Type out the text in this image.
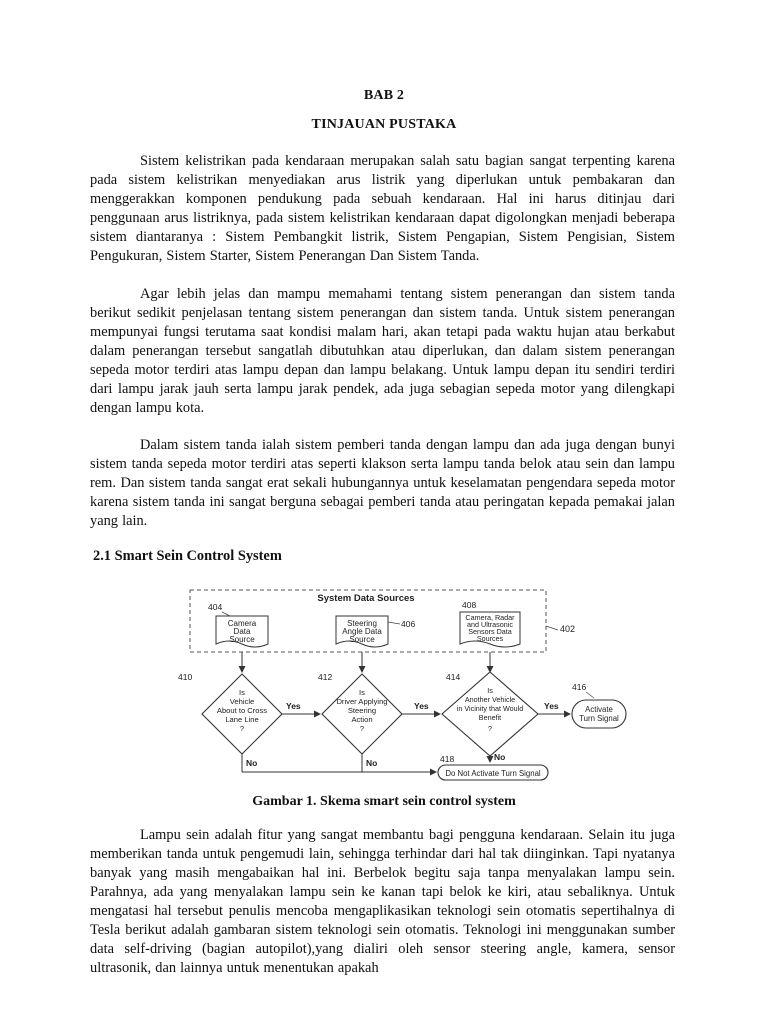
BAB 2
TINJAUAN PUSTAKA

Sistem kelistrikan pada kendaraan merupakan salah satu bagian sangat terpenting karena pada sistem kelistrikan menyediakan arus listrik yang diperlukan untuk pembakaran dan menggerakkan komponen pendukung pada sebuah kendaraan. Hal ini harus ditinjau dari penggunaan arus listriknya, pada sistem kelistrikan kendaraan dapat digolongkan menjadi beberapa sistem diantaranya : Sistem Pembangkit listrik, Sistem Pengapian, Sistem Pengisian, Sistem Pengukuran, Sistem Starter, Sistem Penerangan Dan Sistem Tanda.

Agar lebih jelas dan mampu memahami tentang sistem penerangan dan sistem tanda berikut sedikit penjelasan tentang sistem penerangan dan sistem tanda. Untuk sistem penerangan mempunyai fungsi terutama saat kondisi malam hari, akan tetapi pada waktu hujan atau berkabut dalam penerangan tersebut sangatlah dibutuhkan atau diperlukan, dan dalam sistem penerangan sepeda motor terdiri atas lampu depan dan lampu belakang. Untuk lampu depan itu sendiri terdiri dari lampu jarak jauh serta lampu jarak pendek, ada juga sebagian sepeda motor yang dilengkapi dengan lampu kota.

Dalam sistem tanda ialah sistem pemberi tanda dengan lampu dan ada juga dengan bunyi sistem tanda sepeda motor terdiri atas seperti klakson serta lampu tanda belok atau sein dan lampu rem. Dan sistem tanda sangat erat sekali hubungannya untuk keselamatan pengendara sepeda motor karena sistem tanda ini sangat berguna sebagai pemberi tanda atau peringatan kepada pemakai jalan yang lain.

2.1 Smart Sein Control System
System Data Sources
402
404
Camera
Data
Source
Steering
Angle Data
Source
406
408
Camera, Radar
and Ultrasonic
Sensors Data
Sources
410
Is
Vehicle
About to Cross
Lane Line
?
412
Is
Driver Applying
Steering
Action
?
414
Is
Another Vehicle
in Vicinity that Would
Benefit
?
Yes	Yes	Yes
416
Activate
Turn Signal
No	No
No
418
Do Not Activate Turn Signal
Gambar 1. Skema smart sein control system

Lampu sein adalah fitur yang sangat membantu bagi pengguna kendaraan. Selain itu juga memberikan tanda untuk pengemudi lain, sehingga terhindar dari hal tak diinginkan. Tapi nyatanya banyak yang masih mengabaikan hal ini. Berbelok begitu saja tanpa menyalakan lampu sein. Parahnya, ada yang menyalakan lampu sein ke kanan tapi belok ke kiri, atau sebaliknya. Untuk mengatasi hal tersebut penulis mencoba mengaplikasikan teknologi sein otomatis sepertihalnya di Tesla berikut adalah gambaran sistem teknologi sein otomatis. Teknologi ini menggunakan sumber data self-driving (bagian autopilot),yang dialiri oleh sensor steering angle, kamera, sensor ultrasonik, dan lainnya untuk menentukan apakah
